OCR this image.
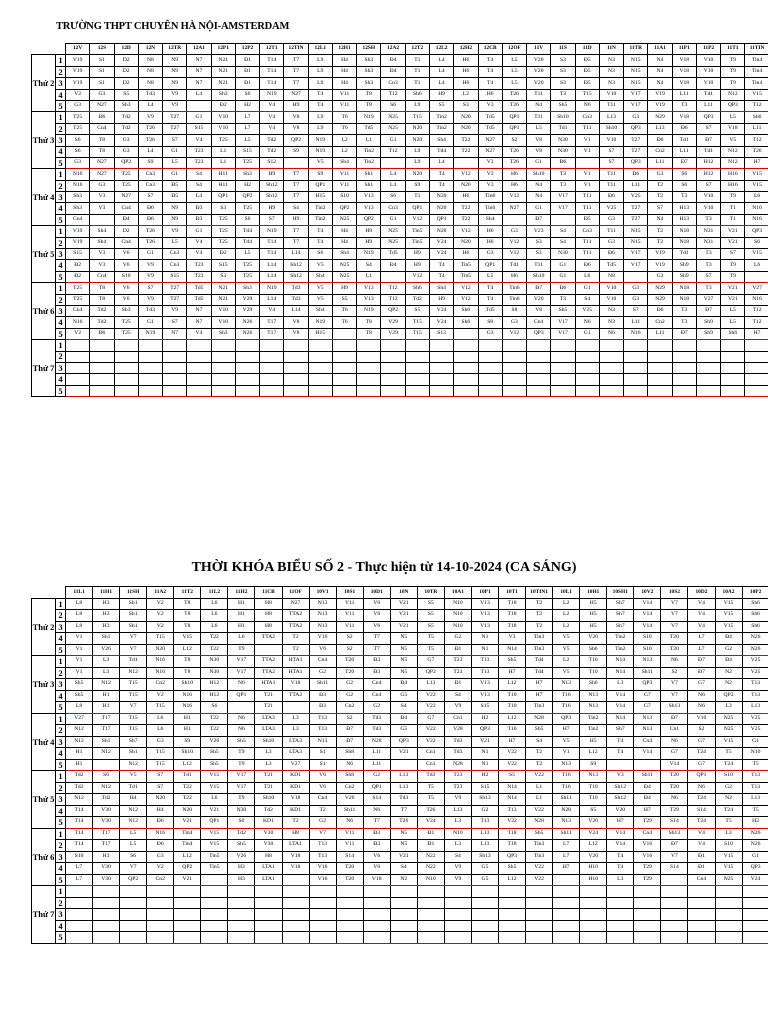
TRƯỜNG THPT CHUYÊN HÀ NỘI-AMSTERDAM
		12V	12S	12D	12N	12TR	12A1	12P1	12P2	12T1	12TIN	12L1	12H1	12SH	12A2	12T2	12L2	12H2	12CB	12OF	11V	11S	11D	11N	11TR	11A1	11P1	11P2	11T1	11TIN
Thứ 2	1	V19	S1	D2	N8	N9	N7	N21	Đ1	T14	T7	L9	H4	Sh3	Đ4	T1	L4	H6	T4	L5	V20	S3	Đ5	N3	N15	N4	V18	V10	T9	Tin4
	2	V19	S1	D2	N8	N9	N7	N21	Đ1	T14	T7	L9	H4	Sh3	Đ4	T1	L4	H6	T4	L5	V20	S3	Đ5	N3	N15	N4	V18	V10	T9	Tin4
	3	V19	S1	D2	N8	N9	N7	N21	Đ1	T14	T7	L9	H4	Sh3	Cn3	T1	L4	H6	T4	L5	V20	S3	Đ5	N3	N15	N4	V18	V10	T9	Tin4
	4	V2	G3	S5	Td3	V9	L4	Sh3	S6	N19	N27	T4	V11	T8	T12	Sh6	H9	L2	H6	T26	T11	T3	T15	V10	V17	V19	L11	Td1	N12	V15
	5	G3	N27	Sh3	L4	V9		Đ2	H2	V4	H9	T4	V11	T8	S6	L9	S5	S3	V3	T26	N4	Sh5	N6	T11	V17	V19	T3	L11	QP3	T12
Thứ 3	1	T25	Đ6	Td2	V9	T27	G1	V10	L7	V4	V8	L9	T6	N19	N25	T15	Tin2	N20	Td5	QP1	T11	Sh10	Cn3	L13	G3	N29	V18	QP3	L5	Sh6
	2	T25	Cn4	Td2	T26	T27	S15	V10	L7	V4	V8	L9	T6	Td5	N25	N20	Tin2	N20	Td5	QP1	L5	Td1	T11	Sh10	QP3	L13	Đ6	S7	V18	L11
	3	S6	T8	G3	T26	S7	V4	T25	L5	Td2	QP2	N19	L2	L1	G1	N20	Sh4	T22	N27	S2	V8	N30	V1	V10	T27	Đ6	Td1	Đ7	V5	T12
	4	S6	T8	G3	L4	G1	T23	L1	S15	Td2	S9	N19	L2	Tin2	T12	L9	Td4	T22	N27	T26	V8	N30	V1	S7	T27	Cn2	L11	Td1	N12	T26
	5	G3	N27	QP2	S9	L5	T23	L1	T25	S12		V5	Sh4	Tin2		L9	L4		V3	T26	G1	Đ6		S7	QP3	L11	Đ7	H12	N12	H7
Thứ 4	1	N16	N27	T25	Cn3	G1	S4	H11	Sh3	H9	T7	S9	V11	Sh1	L4	N20	T4	V12	V3	H6	Sh10	T3	V1	T11	Đ6	G3	S6	H12	H16	V15
	2	N16	G3	T25	Cn3	Đ5	S4	H11	H2	Sh12	T7	QP1	V11	Sh1	L4	S9	T4	N20	V3	H6	N4	T3	V1	T11	L11	T2	S6	S7	H16	V15
	3	Sh3	V3	N27	S7	Đ5	L4	QP1	QP2	Sh12	T7	H15	S10	V13	S6	T1	N20	H6	Tin6	V12	N4	V17	T11	Đ6	V25	T2	T3	V10	T9	L6
	4	Sh3	V3	Cn4	Đ6	N9	Đ3	S3	T25	H9	S4	Tin2	QP2	V13	Cn3	QP1	N20	T22	Tin6	N27	G1	V17	T11	V25	T27	S7	H13	V10	T1	N16
	5	Cn4		Đ4	Đ6	N9	Đ3	T25	S6	S7	H9	Tin2	N25	QP2	G1	V12	QP1	T22	Sh4		Đ7		Đ5	G3	T27	N4	H13	T3	T1	N16
Thứ 5	1	V19	Sh4	D2	T26	V9	G1	T25	Td4	N19	T7	T4	H4	H9	N25	Tin5	N20	V12	H6	G3	V23	S4	Cn3	T11	N15	T2	N18	N31	V21	QP3
	2	V19	Sh4	Cn4	T26	L5	V4	T25	Td4	T14	T7	T4	H4	H9	N25	Tin5	V24	N20	H6	V12	S3	S4	T11	G3	N15	T2	N18	N31	V21	S6
	3	S15	V3	V6	G1	Cn3	V4	Đ2	L5	T14	L14	S6	Sh4	N19	Td5	H9	V24	H6	G3	V12	S3	N30	T11	Đ6	V17	V19	Td1	T3	S7	V15
	4	Đ2	V3	V6	V9	Cn3	T23	S15	T25	L14	Sh12	V5	N25	S4	Đ4	H9	T4	Tin5	QP1	Td1	T11	G1	Đ6	Td5	V17	V19	Sh9	T3	T9	L6
	5	Đ2	Cn4	S10	V9	S15	T23	S3	T25	L14	Sh12	Sh4	N25	L1		V12	T4	Tin5	L5	H6	Sh10	G1	L6	N8		G3	Sh9	S7	T9	
Thứ 6	1	T25	T8	V6	S7	T27	Td5	N21	Sh3	N19	Td3	V5	H9	V13	T12	Sh6	Sh4	V12	T4	Tin6	Đ7	Đ6	G1	V10	G3	N29	N18	T3	V21	V27
	2	T25	T8	V6	V9	T27	Td5	N21	V29	L14	Td3	V5	S5	V13	T12	Td2	H9	V12	T4	Tin6	V20	T3	S4	V10	G3	N29	N18	V27	V21	N16
	3	Cn4	Td2	Sh3	Td3	V9	N7	V10	V29	V4	L14	Sh4	T6	N19	QP2	S5	V24	Sh6	Td5	S8	V8	Sh5	V25	N3	S7	Đ6	T3	Đ7	L5	T12
	4	N16	Td2	T25	G1	S7	N7	V10	N26	T17	V8	N19	T6	T8	V29	T15	V24	Sh6	S8	G3	Cn4	V17	N6	N3	L11	Cn2	T3	Sh9	L5	T12
	5	V2	Đ6	T25	N19	N7	V4	Sh3	N26	T17	V8	H15		T8	V29	T15	S13		G3	V12	QP3	V17	G1	N6	N16	L11	Đ7	Sh9	Sh6	H7
Thứ 7	1																													
	2																													
	3																													
	4																													
	5																													
THỜI KHÓA BIỂU SỐ 2 - Thực hiện từ 14-10-2024 (CA SÁNG)
		11L1	11H1	11SH	11A2	11T2	11L2	11H2	11CB	11OF	10V1	10S1	10D1	10N	10TR	10A1	10P1	10T1	10TIN1	10L1	10H1	10SH1	10V2	10S2	10D2	10A2	10P2
Thứ 2	1	L8	H3	Sh1	V2	T8	L6	H1	H8	N27	N13	V11	V6	V21	S5	N10	V13	T18	T2	L2	H5	Sh7	V14	V7	V4	V15	Sh6
	2	L8	H3	Sh1	V2	T8	L6	H1	H8	TTA2	N13	V11	V6	V21	S5	N10	V13	T18	T2	L2	H5	Sh7	V14	V7	V4	V15	Sh6
	3	L8	H3	Sh1	V2	T8	L6	H1	H8	TTA2	N13	V11	V6	V21	S5	N10	V13	T18	T2	L2	H5	Sh7	V14	V7	V4	V15	Sh6
	4	V1	Sh1	V7	T15	V15	T22	L6	TTA2	T2	V16	S2	T7	N5	T5	G2	N1	V3	Tin3	V5	V20	Tin2	S10	T20	L7	Đ4	N26
	5	V1	V26	V7	N20	L12	T22	T9		T2	V6	S2	T7	N5	T5	Đ1	N1	N14	Tin3	V5	Sh6	Tin2	S10	T20	L7	G2	N26
Thứ 3	1	V1	L3	Td1	N16	T8	N30	V17	TTA2	HTA1	Cn4	T20	Đ3	N5	G7	T23	T13	Sh5	Td4	L2	T10	N14	N13	N6	Đ7	Đ4	V25
	2	V1	L3	N12	N16	T8	N30	V17	TTA2	HTA1	G2	T20	Đ3	N5	QP2	T23	T13	H7	Td4	V5	T10	N14	Sh11	S2	Đ7	N2	V25
	3	Sh5	N12	T15	Cn2	Sh10	H12	N6	HTA1	V18	Sh11	G2	Cn4	Đ4	L13	Đ1	V13	L12	H7	N13	Sh6	L3	QP3	V7	G7	N2	T13
	4	Sh5	H1	T15	V2	N16	H12	QP1	T21	TTA2	Đ3	G2	Cn4	G5	V22	S4	V13	T10	H7	T16	N13	V14	G7	V7	N6	QP2	T13
	5	L8	H1	V7	T15	N16	S6		T21		Đ3	Cn2	G2	S4	V22	V9	S15	T10	Tin3	T16	N13	V14	G7	Sh13	N6	L3	L13
Thứ 4	1	V27	T17	T15	L6	H1	T22	N6	LTA3	L3	T13	S2	Td3	Đ4	G7	Cn1	H2	L12	N28	QP3	Tin2	N14	N13	Đ7	V10	N25	V25
	2	N12	T17	T15	L6	H1	T22	N6	LTA3	L3	T13	Đ7	Td3	G5	V22	V28	QP3	T10	Sh5	H7	Tin2	Sh7	N13	Cn1	S2	N25	V25
	3	N12	Sh1	Sh7	G3	S9	V26	Sh5	Sh10	LTA3	N13	Đ7	N28	QP3	V22	Td3	V21	H7	S4	V5	H5	T4	Cn4	N6	G7	V15	G1
	4	H1	N12	Sh1	T15	Sh10	Sh5	T9	L3	LTA3	S1	Sh8	L11	V21	Cn1	Td3	N1	V22	T2	V1	L12	T4	V14	G7	T24	T5	N10
	5	H1		N12	T15	L12	Sh5	T9	L3	V27	S1	N6	L11		Cn1	N28	N1	V22	T2	N13	S9			V14	G7	T24	T5
Thứ 5	1	Td2	S6	V5	S7	Td1	V15	V17	T21	KD1	V6	Sh8	G2	L13	Td3	T23	H2	S5	V22	T16	N13	V3	Sh11	T20	QP1	S10	T13
	2	Td2	N12	Td1	S7	T22	V15	V17	T21	KD1	V6	Cn2	QP1	L13	T5	T23	S15	N14	L1	T16	T10	Sh12	Đ4	T20	N6	G2	T13
	3	N12	Td2	H4	N20	T22	L6	T9	Sh10	V18	Cn4	V26	S14	Td3	T5	V9	Sh13	N14	L1	Sh11	T10	Sh12	Đ4	N6	T24	N2	L13
	4	T14	V30	N12	H4	N20	V21	N30	Td2	KD1	T2	Sh11	N6	T7	T26	L13	G2	T13	V22	N28	S5	V20	H7	T29	S14	T24	T5
	5	T14	V30	N12	Đ6	V21	QP1	S6	KD1	T2	G2	N6	T7	T26	V24	L3	T13	V22	N28	N13	V20	H7	T29	S14	T24	T5	H2
Thứ 6	1	T14	T17	L5	N16	Tin4	V15	Td2	V30	H8	V7	V11	Đ3	N5	Đ1	N10	L13	T18	Sh5	Sh11	V24	V14	Cn4	Sh13	V4	L3	N26
	2	T14	T17	L5	Đ6	Tin4	V15	Sh5	V30	LTA1	T13	V11	Đ3	N5	Đ1	L3	L13	T18	Tin3	L7	L12	V14	V16	Đ7	V4	S10	N26
	3	S10	H3	S6	G3	L12	Tin5	V26	H8	V18	T13	S14	V6	V21	N22	S4	Sh13	QP3	Tin3	L7	V20	T4	V16	V7	Đ1	V15	G1
	4	L7	V30	V7	V2	QP2	Tin5	H3	LTA1	V18	V16	T20	V6	S4	N22	V9	G5	Sh5	V22	H7	H10	T4	T29	S14	Đ1	V15	QP3
	5	L7	V30	QP2	Cn2	V21		H3	LTA1		V16	T20	V18	N2	N10	V9	G5	L12	V22		H10	L3	T29		Cn4	N25	V24
Thứ 7	1																										
	2																										
	3																										
	4																										
	5																										
